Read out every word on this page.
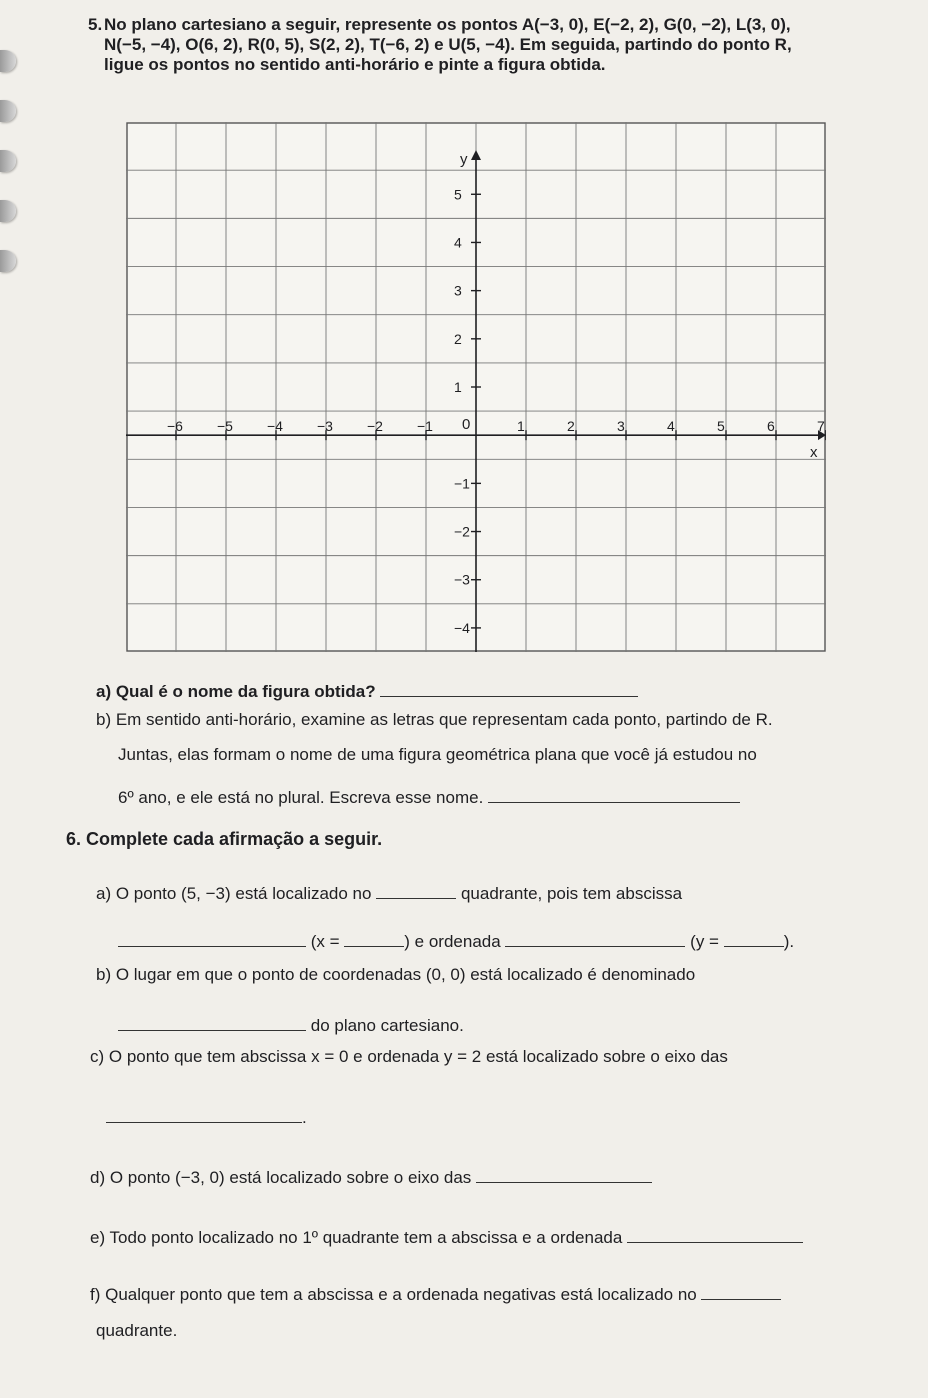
5. No plano cartesiano a seguir, represente os pontos A(−3, 0), E(−2, 2), G(0, −2), L(3, 0),
N(−5, −4), O(6, 2), R(0, 5), S(2, 2), T(−6, 2) e U(5, −4). Em seguida, partindo do ponto R,
ligue os pontos no sentido anti-horário e pinte a figura obtida.
y
x
0
−6 −5 −4 −3 −2 −1	1	2	3	4	5	6	7
5
4
3
2
1
−1
−2
−3
−4
a) Qual é o nome da figura obtida?
b) Em sentido anti-horário, examine as letras que representam cada ponto, partindo de R.
Juntas, elas formam o nome de uma figura geométrica plana que você já estudou no
6º ano, e ele está no plural. Escreva esse nome.
6. Complete cada afirmação a seguir.
a) O ponto (5, −3) está localizado no	quadrante, pois tem abscissa
(x =	) e ordenada	(y =	).
b) O lugar em que o ponto de coordenadas (0, 0) está localizado é denominado
do plano cartesiano.
c) O ponto que tem abscissa x = 0 e ordenada y = 2 está localizado sobre o eixo das
.
d) O ponto (−3, 0) está localizado sobre o eixo das
e) Todo ponto localizado no 1º quadrante tem a abscissa e a ordenada
f) Qualquer ponto que tem a abscissa e a ordenada negativas está localizado no
quadrante.
